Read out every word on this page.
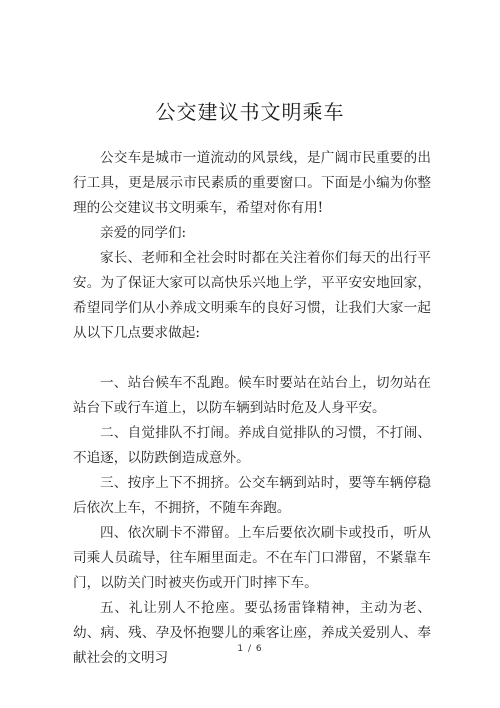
公交建议书文明乘车

公交车是城市一道流动的风景线，是广阔市民重要的出行工具，更是展示市民素质的重要窗口。下面是小编为你整理的公交建议书文明乘车，希望对你有用!

亲爱的同学们:

家长、老师和全社会时时都在关注着你们每天的出行平安。为了保证大家可以高快乐兴地上学，平平安安地回家，希望同学们从小养成文明乘车的良好习惯，让我们大家一起从以下几点要求做起:

一、站台候车不乱跑。候车时要站在站台上，切勿站在站台下或行车道上，以防车辆到站时危及人身平安。

二、自觉排队不打闹。养成自觉排队的习惯，不打闹、不追逐，以防跌倒造成意外。

三、按序上下不拥挤。公交车辆到站时，要等车辆停稳后依次上车，不拥挤，不随车奔跑。

四、依次刷卡不滞留。上车后要依次刷卡或投币，听从司乘人员疏导，往车厢里面走。不在车门口滞留，不紧靠车门，以防关门时被夹伤或开门时摔下车。

五、礼让别人不抢座。要弘扬雷锋精神，主动为老、幼、病、残、孕及怀抱婴儿的乘客让座，养成关爱别人、奉献社会的文明习

1 / 6
